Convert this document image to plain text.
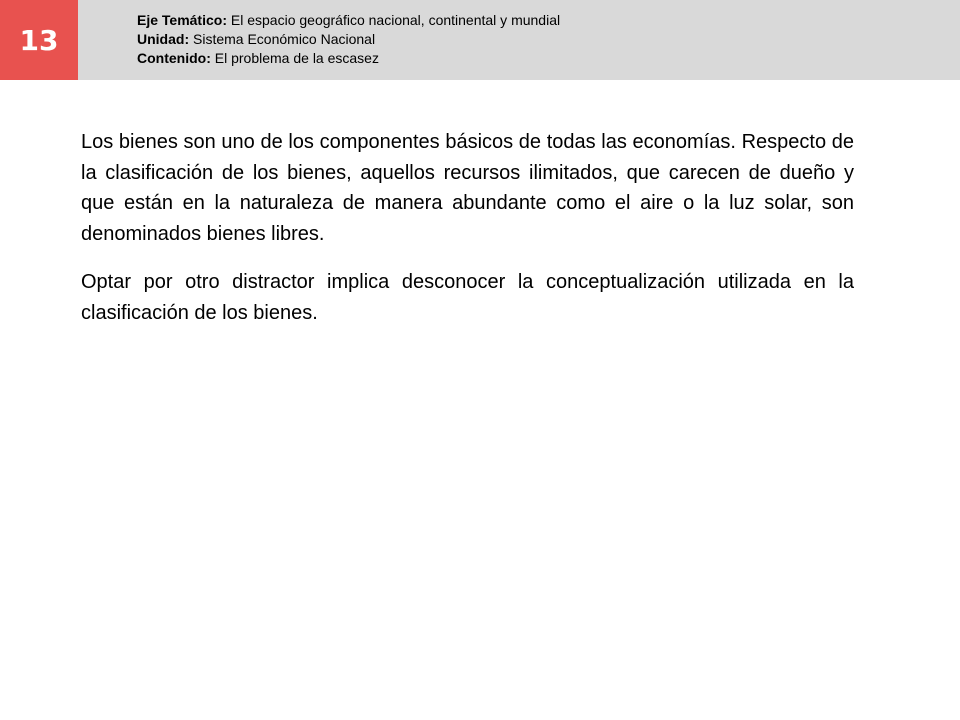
13
Eje Temático: El espacio geográfico nacional, continental y mundial
Unidad: Sistema Económico Nacional
Contenido: El problema de la escasez

Los bienes son uno de los componentes básicos de todas las economías. Respecto de la clasificación de los bienes, aquellos recursos ilimitados, que carecen de dueño y que están en la naturaleza de manera abundante como el aire o la luz solar, son denominados bienes libres.

Optar por otro distractor implica desconocer la conceptualización utilizada en la clasificación de los bienes.
